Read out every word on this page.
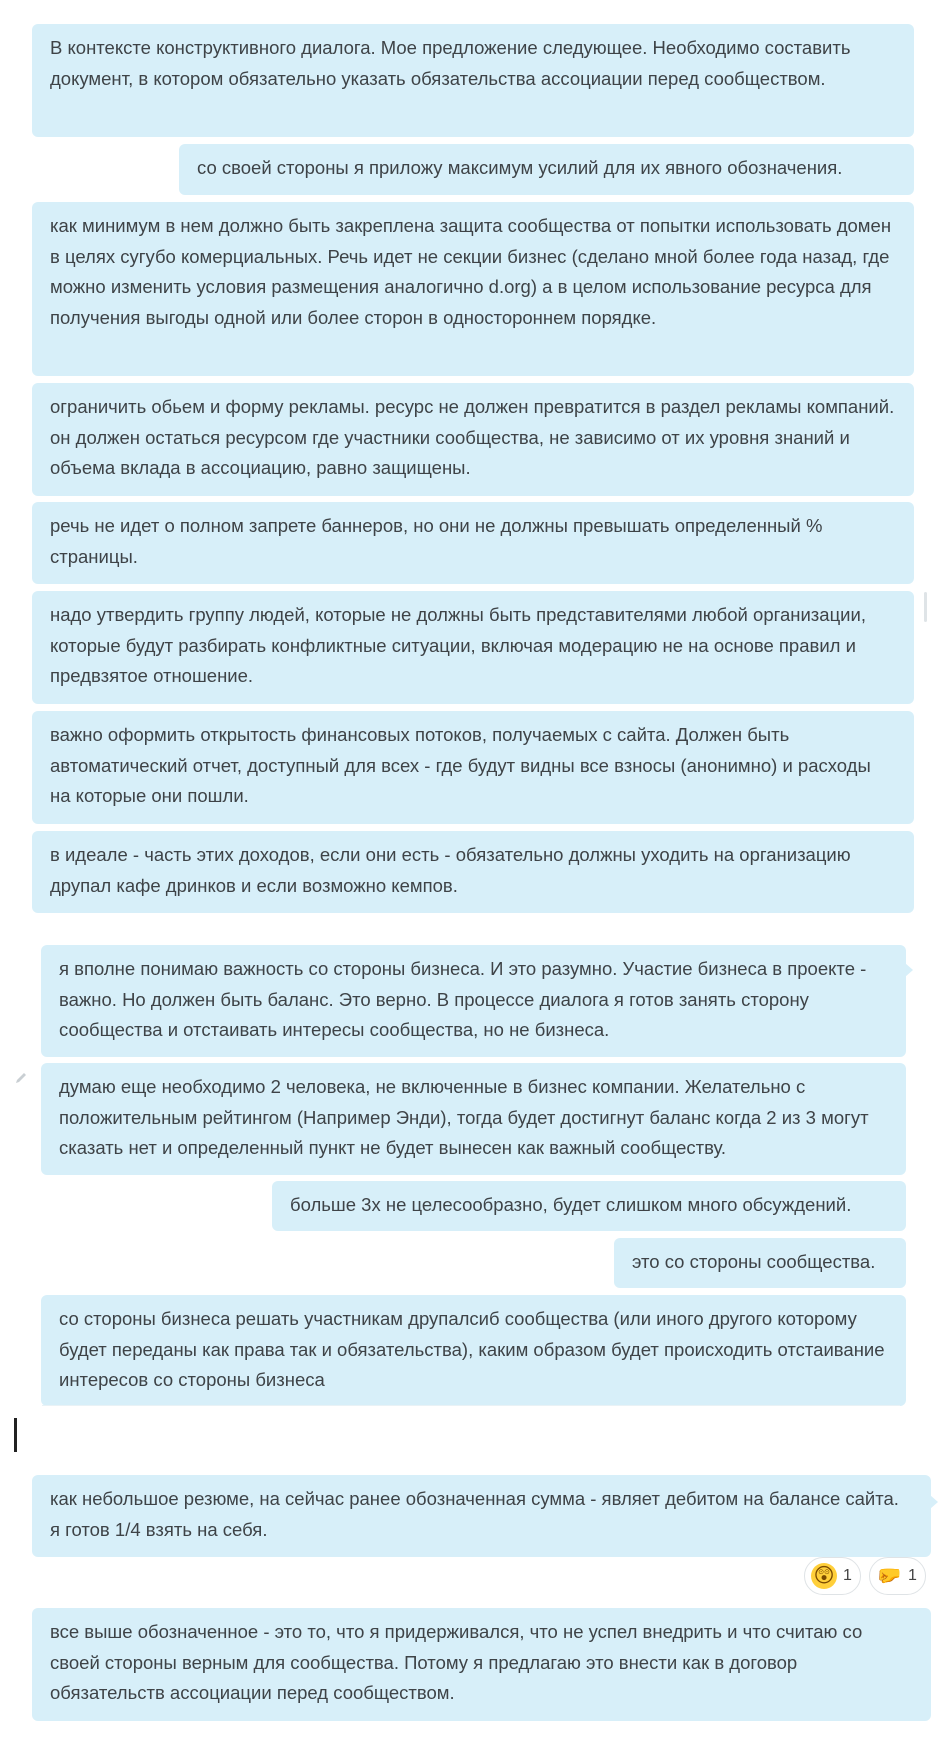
В контексте конструктивного диалога. Мое предложение следующее. Необходимо составить документ, в котором обязательно указать обязательства ассоциации перед сообществом.
со своей стороны я приложу максимум усилий для их явного обозначения.
как минимум в нем должно быть закреплена защита сообщества от попытки использовать домен в целях сугубо комерциальных. Речь идет не секции бизнес (сделано мной более года назад, где можно изменить условия размещения аналогично d.org) а в целом использование ресурса для получения выгоды одной или более сторон в одностороннем порядке.
ограничить обьем и форму рекламы. ресурс не должен превратится в раздел рекламы компаний. он должен остаться ресурсом где участники сообщества, не зависимо от их уровня знаний и объема вклада в ассоциацию, равно защищены.
речь не идет о полном запрете баннеров, но они не должны превышать определенный % страницы.
надо утвердить группу людей, которые не должны быть представителями любой организации, которые будут разбирать конфликтные ситуации, включая модерацию не на основе правил и предвзятое отношение.
важно оформить открытость финансовых потоков, получаемых с сайта. Должен быть автоматический отчет, доступный для всех - где будут видны все взносы (анонимно) и расходы на которые они пошли.
в идеале - часть этих доходов, если они есть - обязательно должны уходить на организацию друпал кафе дринков и если возможно кемпов.
я вполне понимаю важность со стороны бизнеса. И это разумно. Участие бизнеса в проекте - важно. Но должен быть баланс. Это верно. В процессе диалога я готов занять сторону сообщества и отстаивать интересы сообщества, но не бизнеса.
думаю еще необходимо 2 человека, не включенные в бизнес компании. Желательно с положительным рейтингом (Например Энди), тогда будет достигнут баланс когда 2 из 3 могут сказать нет и определенный пункт не будет вынесен как важный сообществу.
больше 3х не целесообразно, будет слишком много обсуждений.
это со стороны сообщества.
со стороны бизнеса решать участникам друпалсиб сообщества (или иного другого которому будет переданы как права так и обязательства), каким образом будет происходить отстаивание интересов со стороны бизнеса
как небольшое резюме, на сейчас ранее обозначенная сумма - являет дебитом на балансе сайта. я готов 1/4 взять на себя.
😲 1 🤛 1
все выше обозначенное - это то, что я придерживался, что не успел внедрить и что считаю со своей стороны верным для сообщества. Потому я предлагаю это внести как в договор обязательств ассоциации перед сообществом.
